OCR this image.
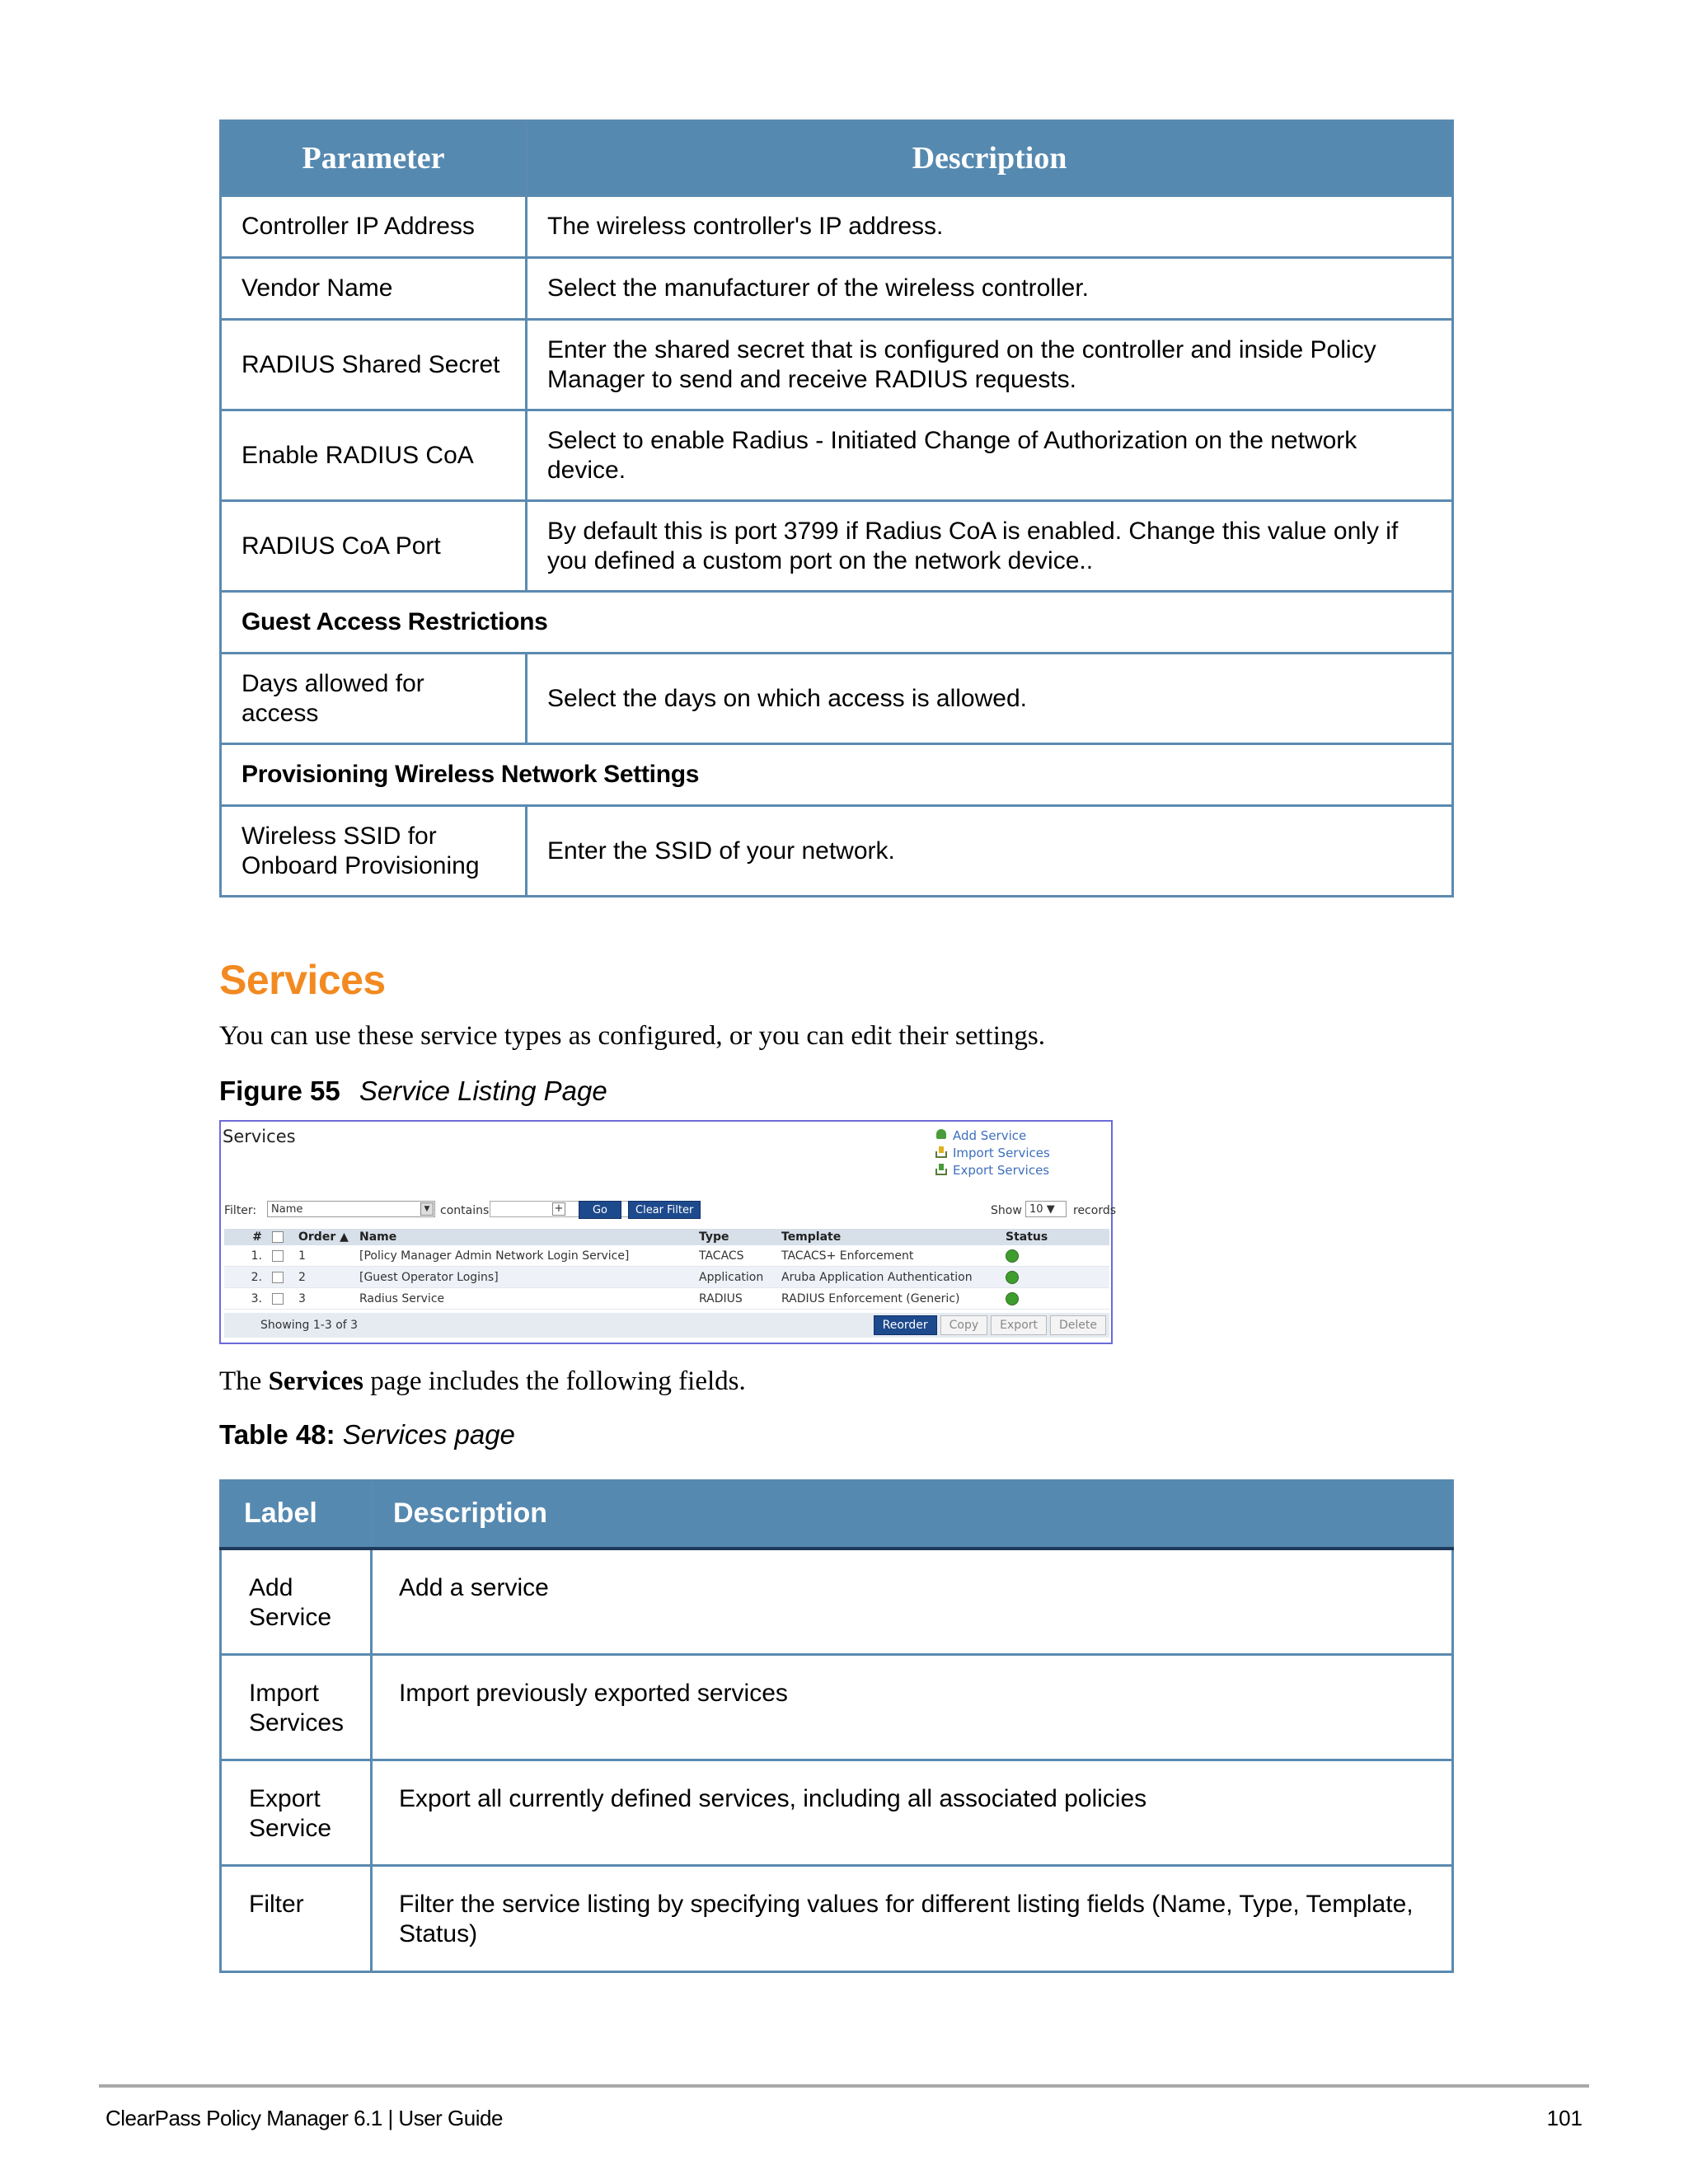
Parameter	Description
Controller IP Address	The wireless controller's IP address.
Vendor Name	Select the manufacturer of the wireless controller.
RADIUS Shared Secret	Enter the shared secret that is configured on the controller and inside Policy Manager to send and receive RADIUS requests.
Enable RADIUS CoA	Select to enable Radius - Initiated Change of Authorization on the network device.
RADIUS CoA Port	By default this is port 3799 if Radius CoA is enabled. Change this value only if you defined a custom port on the network device..
Guest Access Restrictions	
Days allowed for access	Select the days on which access is allowed.
Provisioning Wireless Network Settings	
Wireless SSID for Onboard Provisioning	Enter the SSID of your network.
Services

You can use these service types as configured, or you can edit their settings.

Figure 55 Service Listing Page

Services	Add Service
Import Services
Export Services
Filter:	Name	▼ contains	+	Go	Clear Filter	Show 10 ▼	records
#		Order ▲	Name	Type	Template	Status
1.		1	[Policy Manager Admin Network Login Service]	TACACS	TACACS+ Enforcement	
2.		2	[Guest Operator Logins]	Application	Aruba Application Authentication	
3.		3	Radius Service	RADIUS	RADIUS Enforcement (Generic)	
Showing 1-3 of 3	Reorder	Copy	Export	Delete

The Services page includes the following fields.

Table 48: Services page

Label	Description
Add Service	Add a service
Import Services	Import previously exported services
Export Service	Export all currently defined services, including all associated policies
Filter	Filter the service listing by specifying values for different listing fields (Name, Type, Template, Status)
ClearPass Policy Manager 6.1 | User Guide	101
